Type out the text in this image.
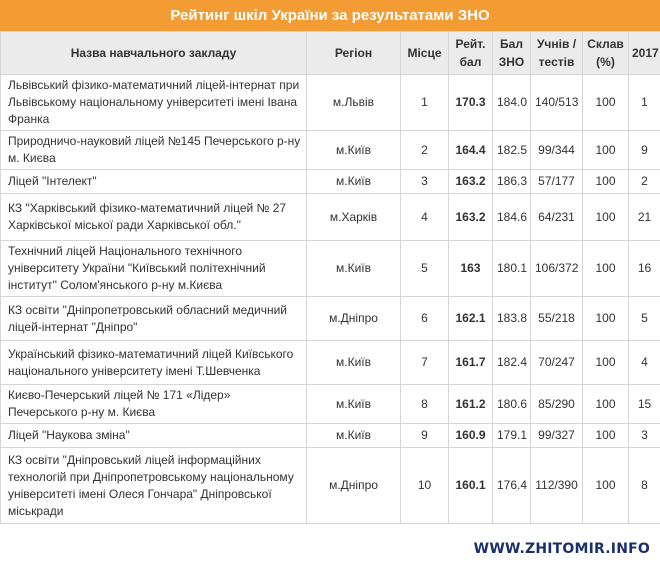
Рейтинг шкіл України за результатами ЗНО
Назва навчального закладу	Регіон	Місце	Рейт. бал	Бал ЗНО	Учнів / тестів	Склав (%)	2017
Львівський фізико-математичний ліцей-інтернат при Львівському національному університеті імені Івана Франка	м.Львів	1	170.3	184.0	140/513	100	1
Природничо-науковий ліцей №145 Печерського р-ну м. Києва	м.Київ	2	164.4	182.5	99/344	100	9
Ліцей "Інтелект"	м.Київ	3	163.2	186.3	57/177	100	2
КЗ "Харківський фізико-математичний ліцей № 27 Харківської міської ради Харківської обл."	м.Харків	4	163.2	184.6	64/231	100	21
Технічний ліцей Національного технічного університету України "Київський політехнічний інститут" Солом'янського р-ну м.Києва	м.Київ	5	163	180.1	106/372	100	16
КЗ освіти "Дніпропетровський обласний медичний ліцей-інтернат "Дніпро"	м.Дніпро	6	162.1	183.8	55/218	100	5
Український фізико-математичний ліцей Київського національного університету імені Т.Шевченка	м.Київ	7	161.7	182.4	70/247	100	4
Києво-Печерський ліцей № 171 «Лідер» Печерського р-ну м. Києва	м.Київ	8	161.2	180.6	85/290	100	15
Ліцей "Наукова зміна"	м.Київ	9	160.9	179.1	99/327	100	3
КЗ освіти "Дніпровський ліцей інформаційних технологій при Дніпропетровському національному університеті імені Олеся Гончара" Дніпровської міськради	м.Дніпро	10	160.1	176.4	112/390	100	8
WWW.ZHITOMIR.INFO
